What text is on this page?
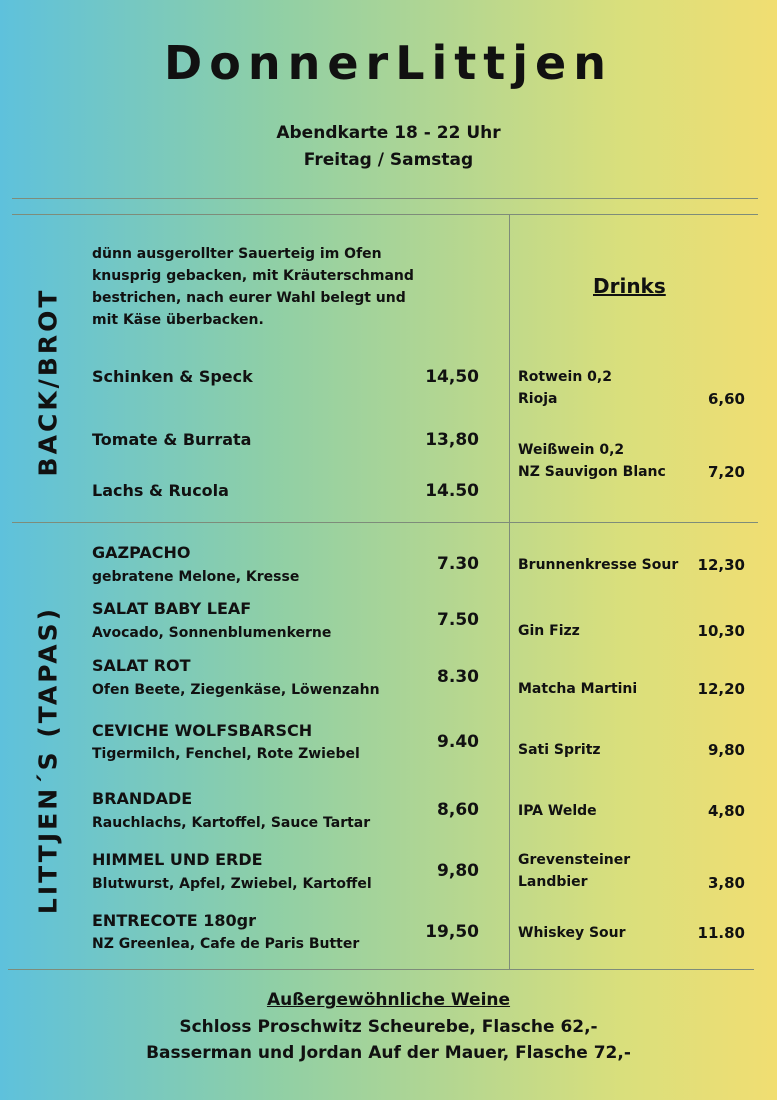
DonnerLittjen
Abendkarte 18 - 22 Uhr
Freitag / Samstag
BACK/BROT
LITTJEN´S (TAPAS)
dünn ausgerollter Sauerteig im Ofen knusprig gebacken, mit Kräuterschmand bestrichen, nach eurer Wahl belegt und mit Käse überbacken.
Schinken & Speck	14,50
Tomate & Burrata	13,80
Lachs & Rucola	14.50
GAZPACHO
gebratene Melone, Kresse
7.30
SALAT BABY LEAF
Avocado, Sonnenblumenkerne
7.50
SALAT ROT
Ofen Beete, Ziegenkäse, Löwenzahn
8.30
CEVICHE WOLFSBARSCH
Tigermilch, Fenchel, Rote Zwiebel
9.40
BRANDADE
Rauchlachs, Kartoffel, Sauce Tartar
8,60
HIMMEL UND ERDE
Blutwurst, Apfel, Zwiebel, Kartoffel
9,80
ENTRECOTE 180gr
NZ Greenlea, Cafe de Paris Butter
19,50
Drinks
Rotwein 0,2
Rioja	6,60
Weißwein 0,2
NZ Sauvigon Blanc	7,20
Brunnenkresse Sour 12,30
Gin Fizz	10,30
Matcha Martini	12,20
Sati Spritz	9,80
IPA Welde	4,80
Grevensteiner
Landbier	3,80
Whiskey Sour	11.80
Außergewöhnliche Weine
Schloss Proschwitz Scheurebe, Flasche 62,-
Basserman und Jordan Auf der Mauer, Flasche 72,-
